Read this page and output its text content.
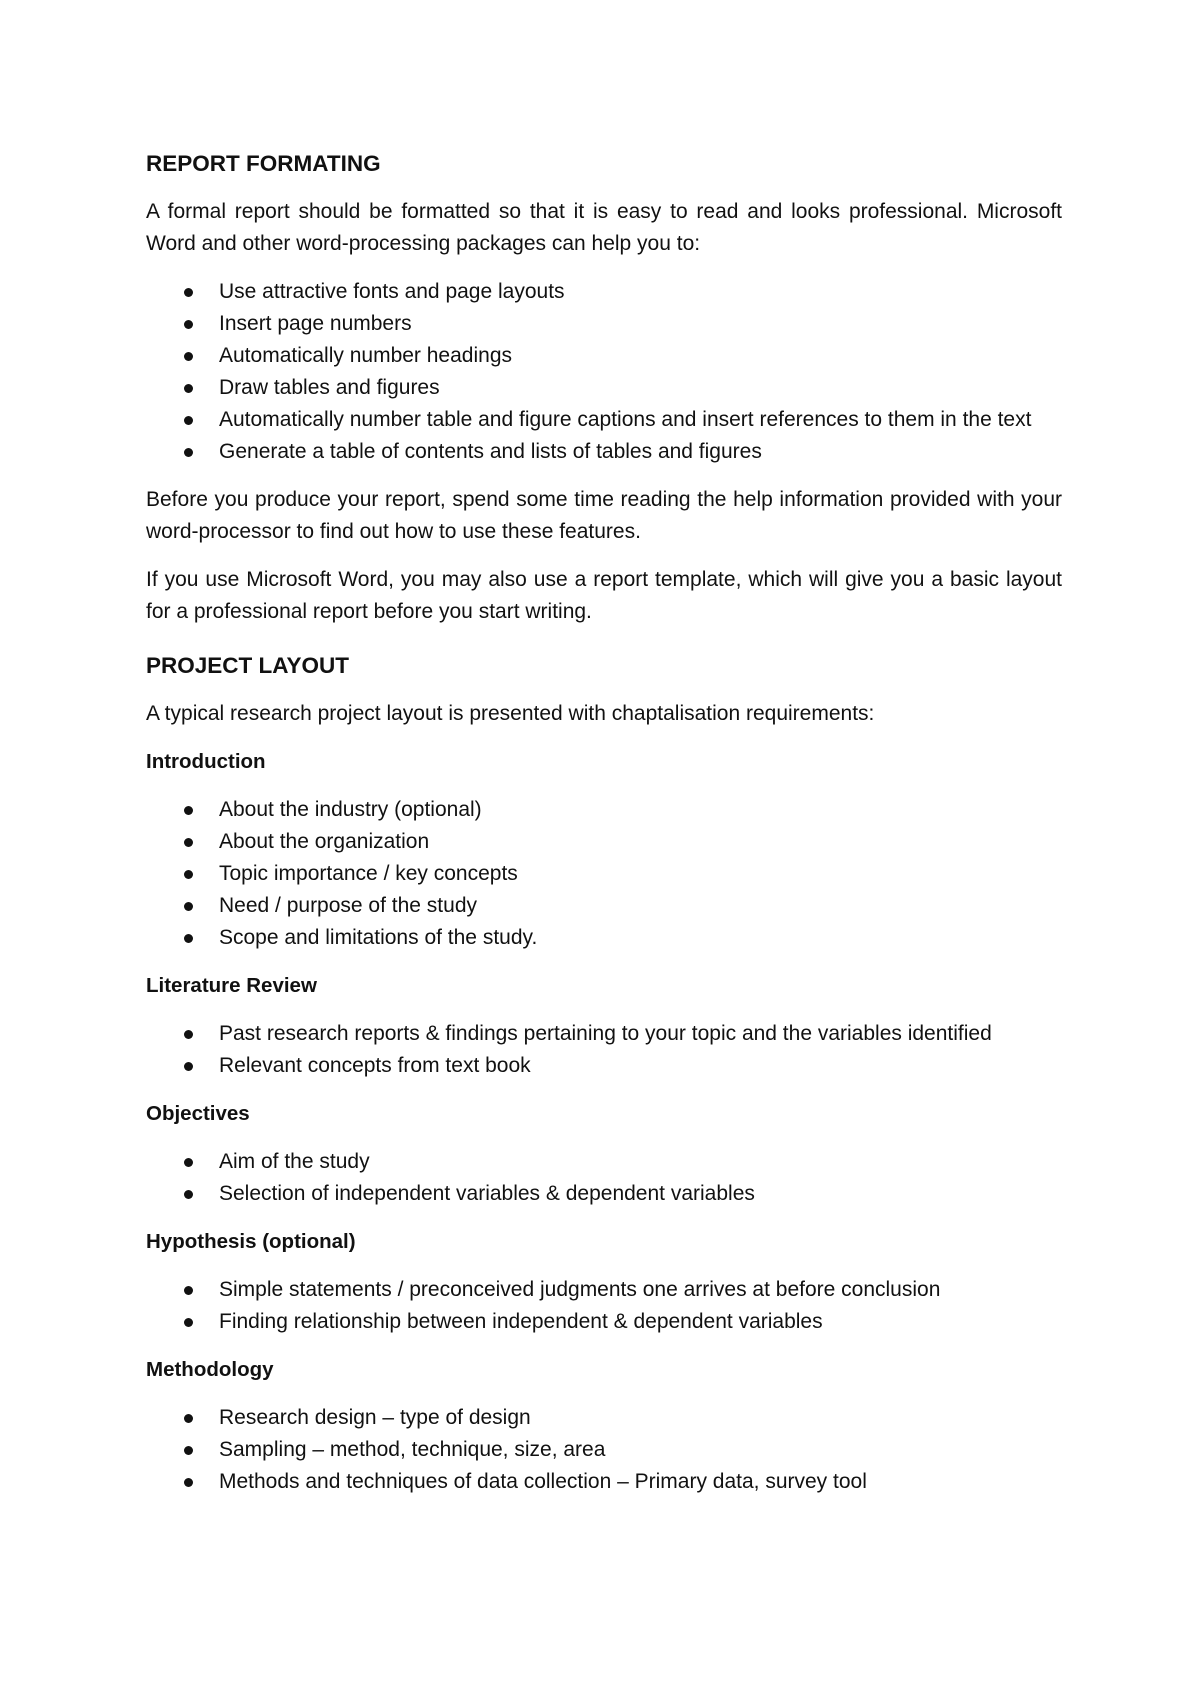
REPORT FORMATING

A formal report should be formatted so that it is easy to read and looks professional. Microsoft Word and other word-processing packages can help you to:

Use attractive fonts and page layouts
Insert page numbers
Automatically number headings
Draw tables and figures
Automatically number table and figure captions and insert references to them in the text
Generate a table of contents and lists of tables and figures

Before you produce your report, spend some time reading the help information provided with your word-processor to find out how to use these features.

If you use Microsoft Word, you may also use a report template, which will give you a basic layout for a professional report before you start writing.

PROJECT LAYOUT

A typical research project layout is presented with chaptalisation requirements:

Introduction
About the industry (optional)
About the organization
Topic importance / key concepts
Need / purpose of the study
Scope and limitations of the study.
Literature Review
Past research reports & findings pertaining to your topic and the variables identified
Relevant concepts from text book
Objectives
Aim of the study
Selection of independent variables & dependent variables
Hypothesis (optional)
Simple statements / preconceived judgments one arrives at before conclusion
Finding relationship between independent & dependent variables
Methodology
Research design – type of design
Sampling – method, technique, size, area
Methods and techniques of data collection – Primary data, survey tool
